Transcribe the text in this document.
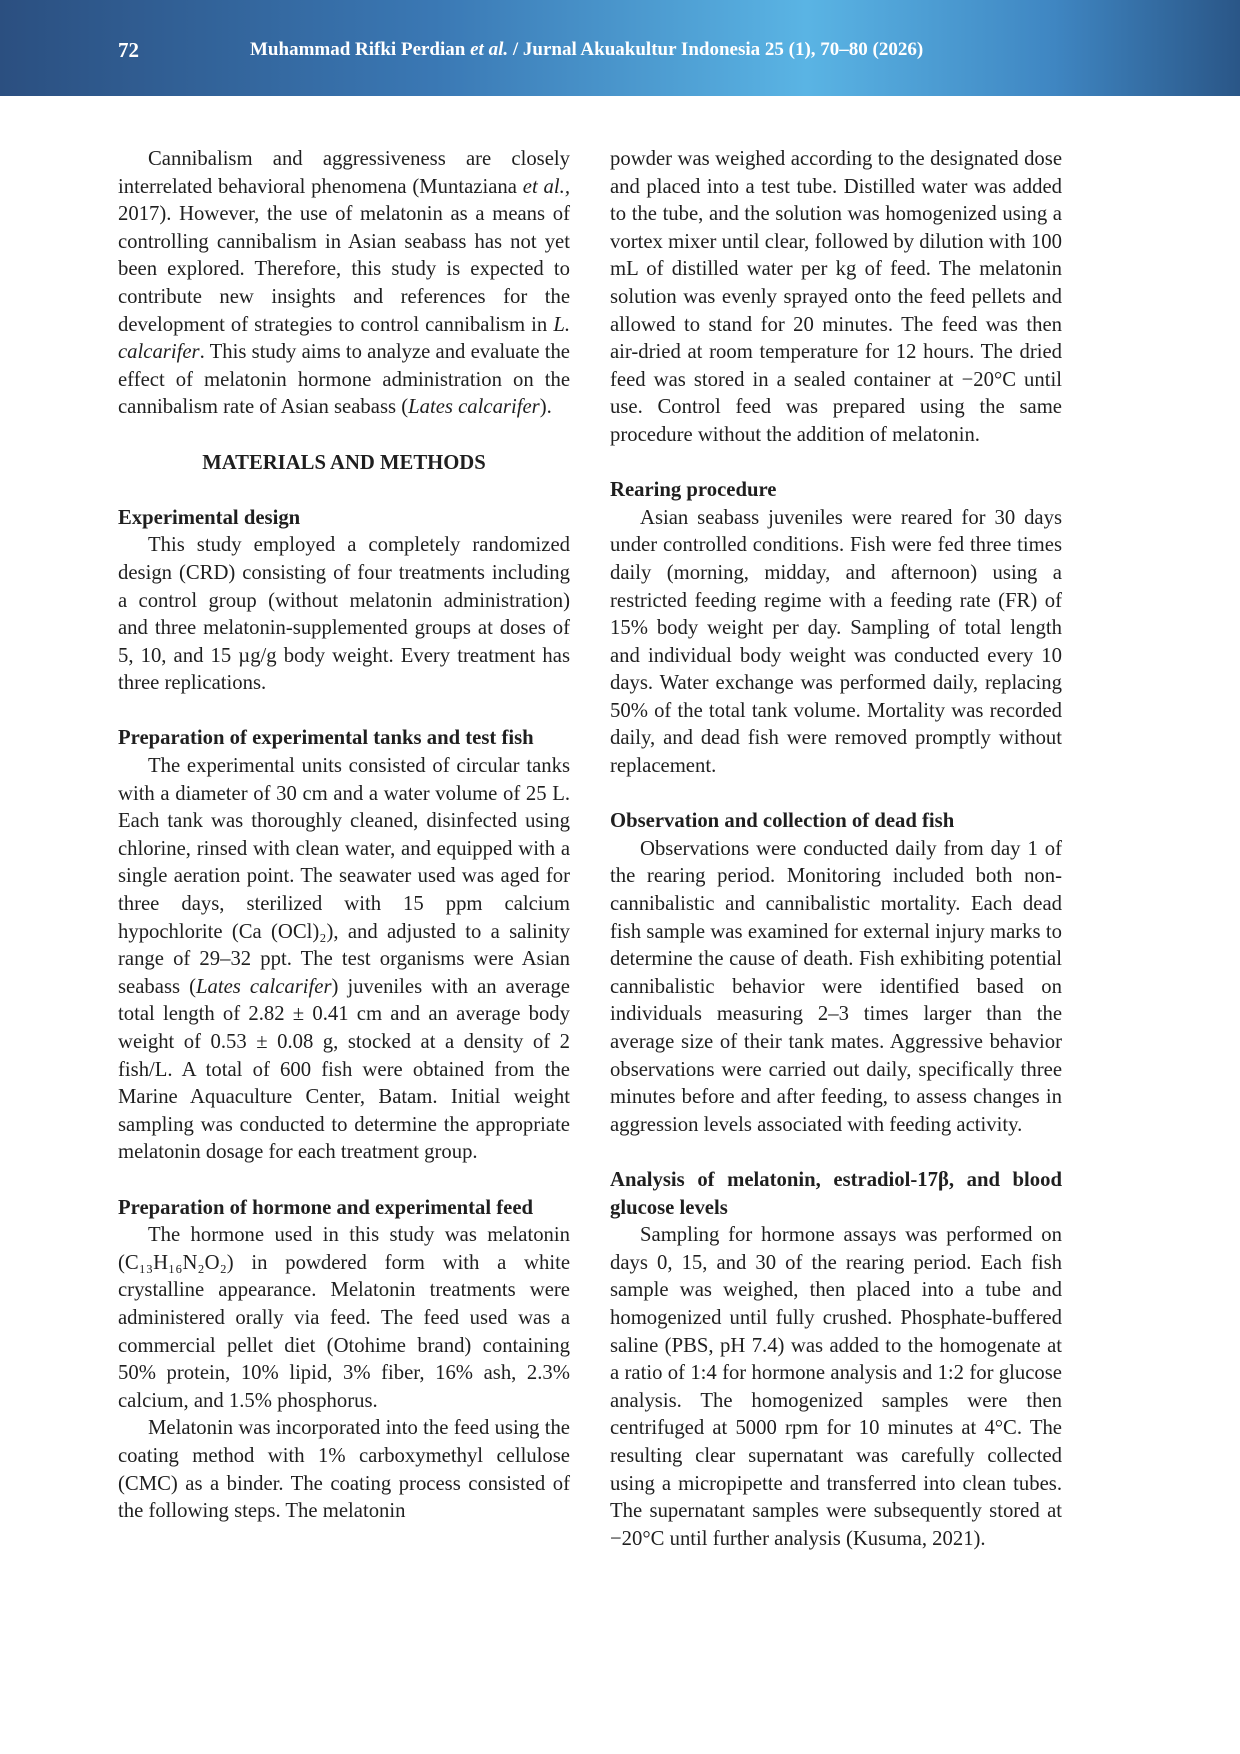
72	Muhammad Rifki Perdian et al. / Jurnal Akuakultur Indonesia 25 (1), 70–80 (2026)

Cannibalism and aggressiveness are closely interrelated behavioral phenomena (Muntaziana et al., 2017). However, the use of melatonin as a means of controlling cannibalism in Asian seabass has not yet been explored. Therefore, this study is expected to contribute new insights and references for the development of strategies to control cannibalism in L. calcarifer. This study aims to analyze and evaluate the effect of melatonin hormone administration on the cannibalism rate of Asian seabass (Lates calcarifer).

MATERIALS AND METHODS
Experimental design

This study employed a completely randomized design (CRD) consisting of four treatments including a control group (without melatonin administration) and three melatonin-supplemented groups at doses of 5, 10, and 15 µg/g body weight. Every treatment has three replications.

Preparation of experimental tanks and test fish

The experimental units consisted of circular tanks with a diameter of 30 cm and a water volume of 25 L. Each tank was thoroughly cleaned, disinfected using chlorine, rinsed with clean water, and equipped with a single aeration point. The seawater used was aged for three days, sterilized with 15 ppm calcium hypochlorite (Ca (OCl)₂), and adjusted to a salinity range of 29–32 ppt. The test organisms were Asian seabass (Lates calcarifer) juveniles with an average total length of 2.82 ± 0.41 cm and an average body weight of 0.53 ± 0.08 g, stocked at a density of 2 fish/L. A total of 600 fish were obtained from the Marine Aquaculture Center, Batam. Initial weight sampling was conducted to determine the appropriate melatonin dosage for each treatment group.

Preparation of hormone and experimental feed

The hormone used in this study was melatonin (C₁₃H₁₆N₂O₂) in powdered form with a white crystalline appearance. Melatonin treatments were administered orally via feed. The feed used was a commercial pellet diet (Otohime brand) containing 50% protein, 10% lipid, 3% fiber, 16% ash, 2.3% calcium, and 1.5% phosphorus.

Melatonin was incorporated into the feed using the coating method with 1% carboxymethyl cellulose (CMC) as a binder. The coating process consisted of the following steps. The melatonin

powder was weighed according to the designated dose and placed into a test tube. Distilled water was added to the tube, and the solution was homogenized using a vortex mixer until clear, followed by dilution with 100 mL of distilled water per kg of feed. The melatonin solution was evenly sprayed onto the feed pellets and allowed to stand for 20 minutes. The feed was then air-dried at room temperature for 12 hours. The dried feed was stored in a sealed container at −20°C until use. Control feed was prepared using the same procedure without the addition of melatonin.

Rearing procedure

Asian seabass juveniles were reared for 30 days under controlled conditions. Fish were fed three times daily (morning, midday, and afternoon) using a restricted feeding regime with a feeding rate (FR) of 15% body weight per day. Sampling of total length and individual body weight was conducted every 10 days. Water exchange was performed daily, replacing 50% of the total tank volume. Mortality was recorded daily, and dead fish were removed promptly without replacement.

Observation and collection of dead fish

Observations were conducted daily from day 1 of the rearing period. Monitoring included both non-cannibalistic and cannibalistic mortality. Each dead fish sample was examined for external injury marks to determine the cause of death. Fish exhibiting potential cannibalistic behavior were identified based on individuals measuring 2–3 times larger than the average size of their tank mates. Aggressive behavior observations were carried out daily, specifically three minutes before and after feeding, to assess changes in aggression levels associated with feeding activity.

Analysis of melatonin, estradiol-17β, and blood glucose levels

Sampling for hormone assays was performed on days 0, 15, and 30 of the rearing period. Each fish sample was weighed, then placed into a tube and homogenized until fully crushed. Phosphate-buffered saline (PBS, pH 7.4) was added to the homogenate at a ratio of 1:4 for hormone analysis and 1:2 for glucose analysis. The homogenized samples were then centrifuged at 5000 rpm for 10 minutes at 4°C. The resulting clear supernatant was carefully collected using a micropipette and transferred into clean tubes. The supernatant samples were subsequently stored at −20°C until further analysis (Kusuma, 2021).
